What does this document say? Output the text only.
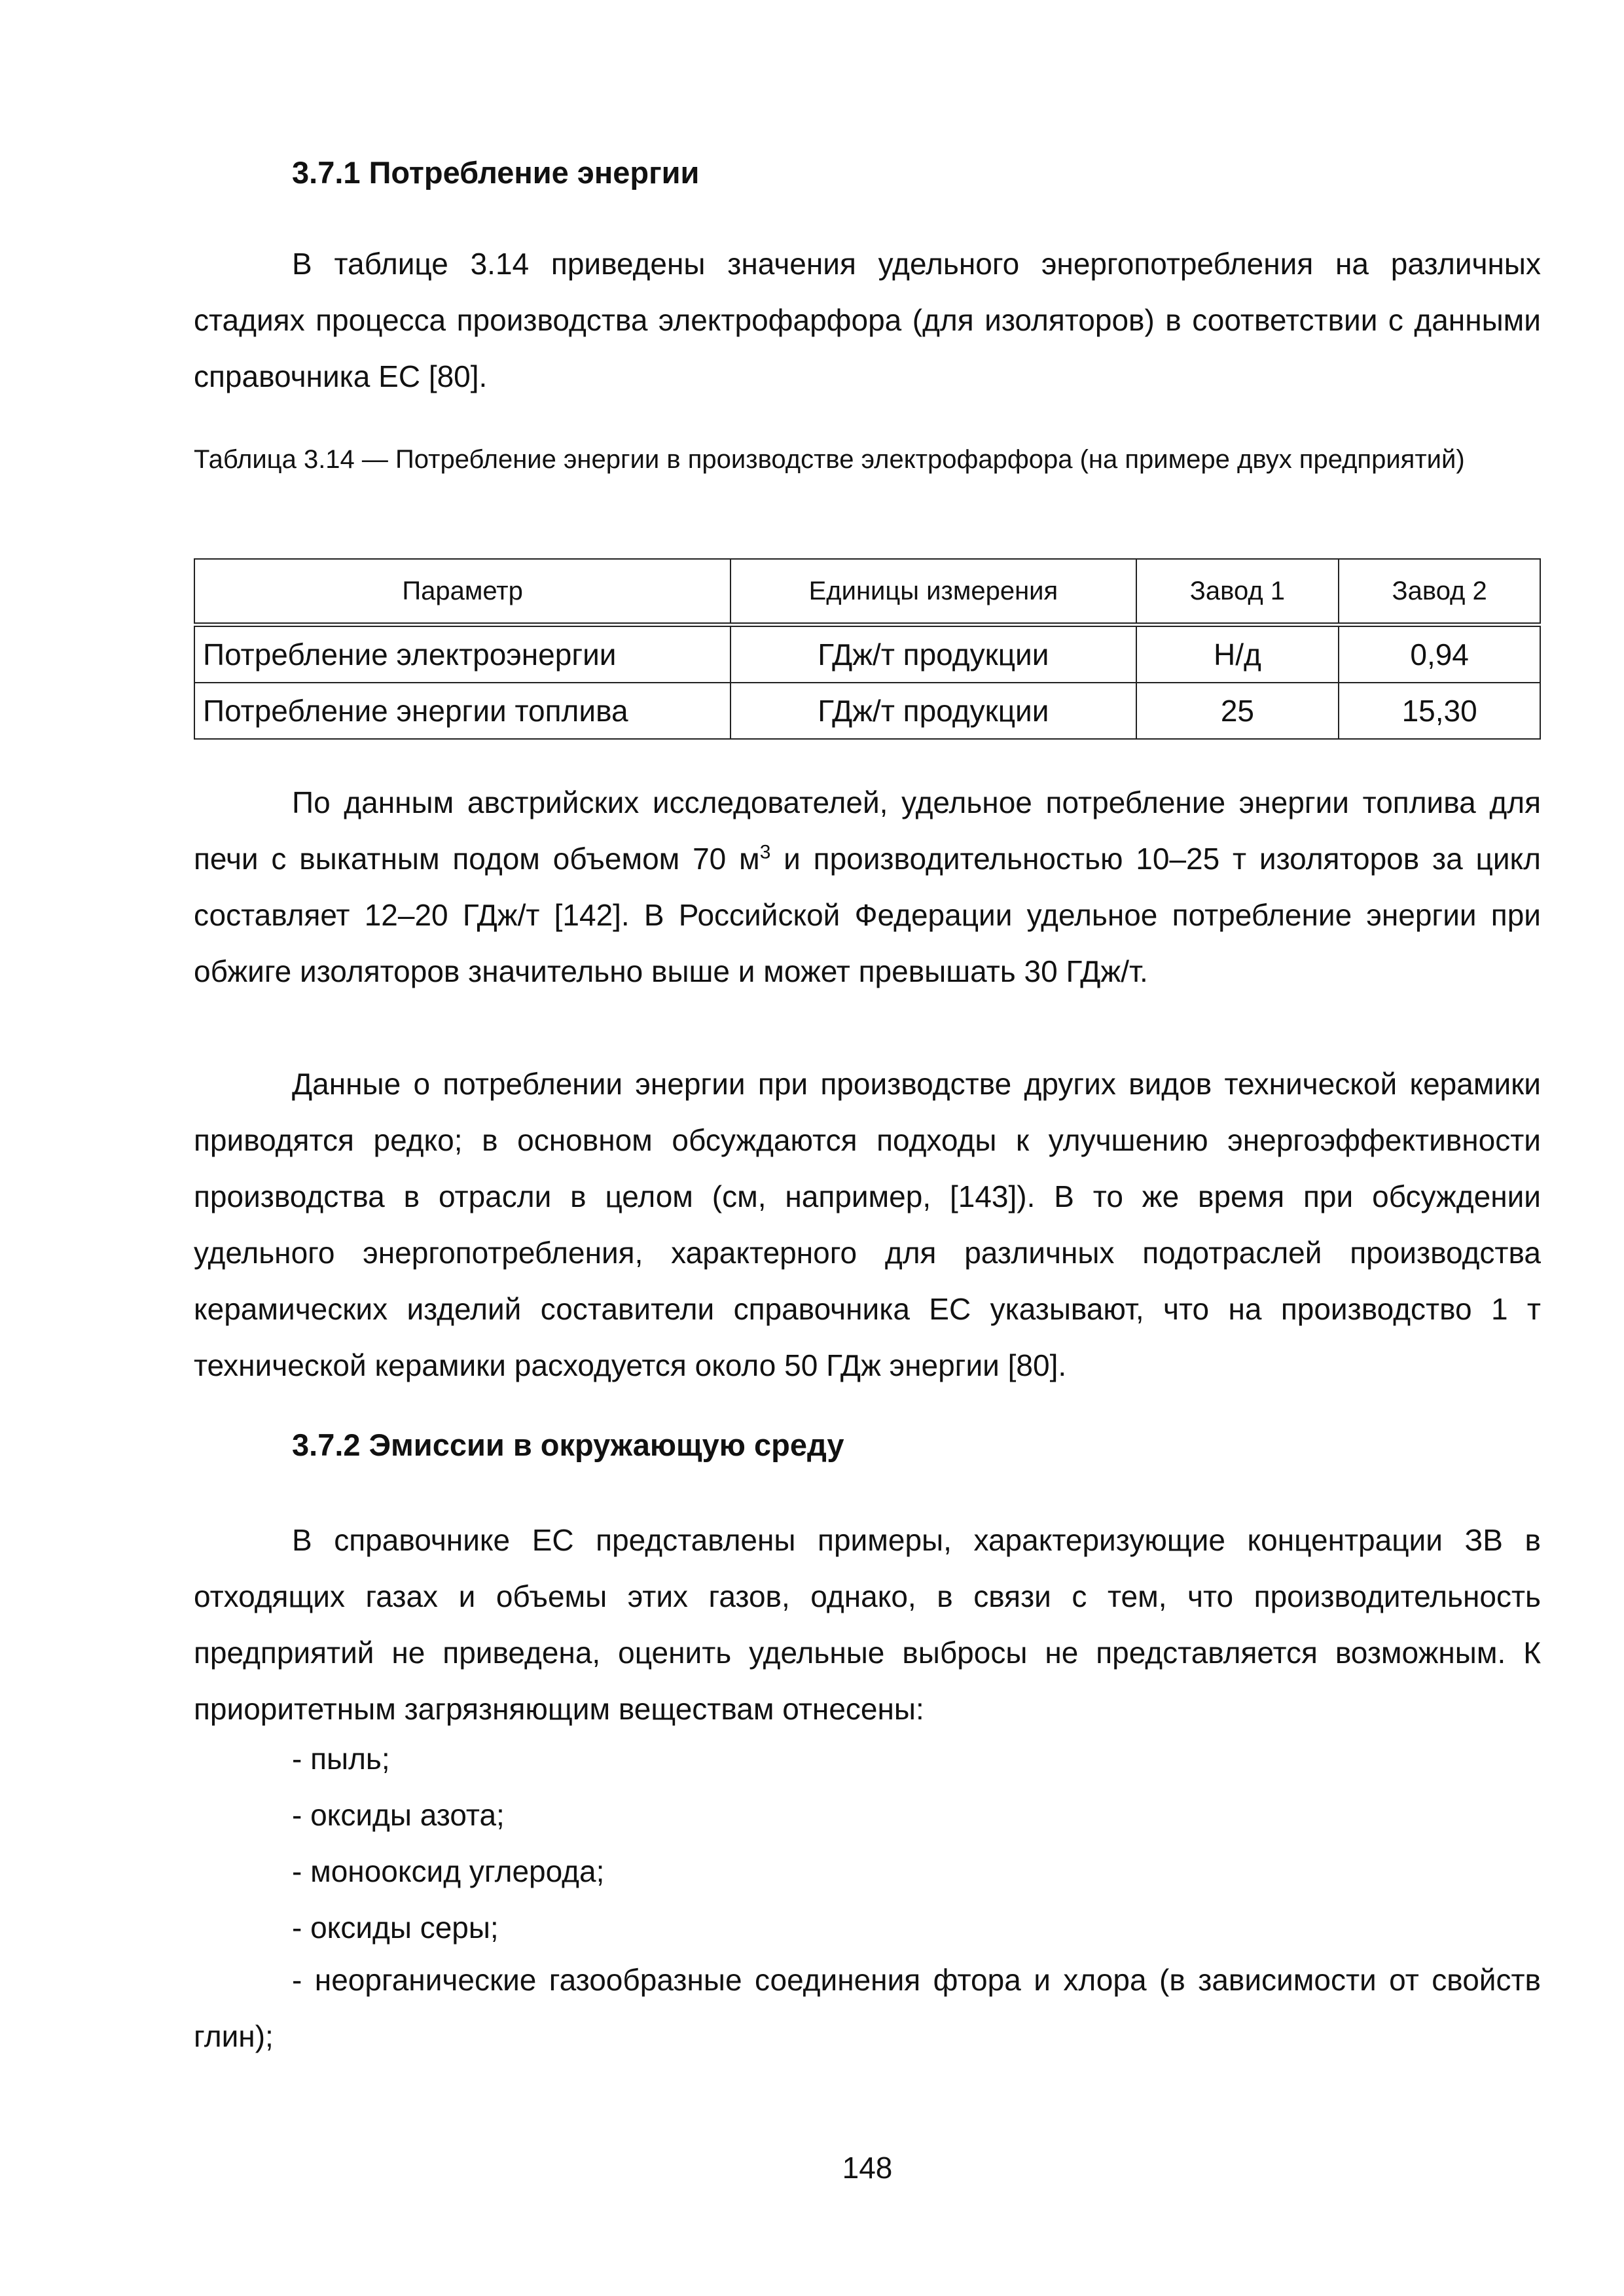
3.7.1 Потребление энергии
В таблице 3.14 приведены значения удельного энергопотребления на различных стадиях процесса производства электрофарфора (для изоляторов) в соответствии с данными справочника ЕС [80].
Таблица 3.14 — Потребление энергии в производстве электрофарфора (на примере двух предприятий)
Параметр	Единицы измерения	Завод 1	Завод 2
Потребление электроэнергии	ГДж/т продукции	Н/д	0,94
Потребление энергии топлива	ГДж/т продукции	25	15,30
По данным австрийских исследователей, удельное потребление энергии топлива для печи с выкатным подом объемом 70 $м^3$ и производительностью 10–25 т изоляторов за цикл составляет 12–20 ГДж/т [142]. В Российской Федерации удельное потребление энергии при обжиге изоляторов значительно выше и может превышать 30 ГДж/т.
Данные о потреблении энергии при производстве других видов технической керамики приводятся редко; в основном обсуждаются подходы к улучшению энергоэффективности производства в отрасли в целом (см, например, [143]). В то же время при обсуждении удельного энергопотребления, характерного для различных подотраслей производства керамических изделий составители справочника ЕС указывают, что на производство 1 т технической керамики расходуется около 50 ГДж энергии [80].
3.7.2 Эмиссии в окружающую среду
В справочнике ЕС представлены примеры, характеризующие концентрации ЗВ в отходящих газах и объемы этих газов, однако, в связи с тем, что производительность предприятий не приведена, оценить удельные выбросы не представляется возможным. К приоритетным загрязняющим веществам отнесены:
- пыль;
- оксиды азота;
- монооксид углерода;
- оксиды серы;
- неорганические газообразные соединения фтора и хлора (в зависимости от свойств глин);
148
